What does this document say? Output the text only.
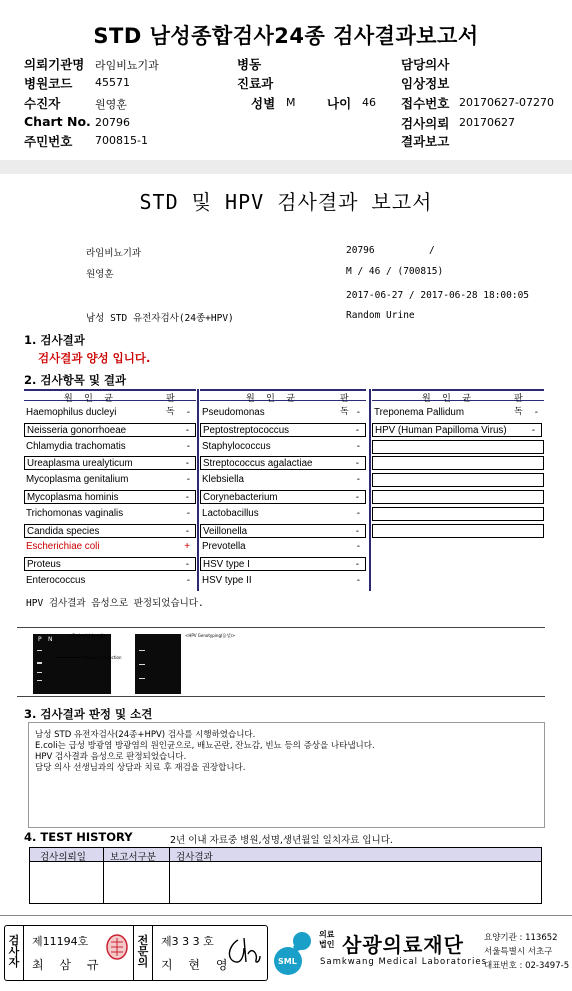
STD 남성종합검사24종 검사결과보고서
의뢰기관명 라임비뇨기과	병동	담당의사
병원코드 45571	진료과	임상정보
수진자	원영훈	성별 M	나이 46 접수번호 20170627-07270
Chart No. 20796	검사의뢰 20170627
주민번호 700815-1	결과보고
STD 및 HPV 검사결과 보고서
라임비뇨기과	20796	/
원영훈	M / 46 / (700815)
2017-06-27 / 2017-06-28 18:00:05
남성 STD 유전자검사(24종+HPV)	Random Urine
1. 검사결과
검사결과 양성 입니다.
2. 검사항목 및 결과
원 인 균	판 독
원 인 균	판 독
원 인 균	판 독
Haemophilus ducleyi	-
Neisseria gonorrhoeae	-
Chlamydia trachomatis	-
Ureaplasma urealyticum	-
Mycoplasma genitalium	-
Mycoplasma hominis	-
Trichomonas vaginalis	-
Candida species	-
Escherichiae coli	+
Proteus	-
Enterococcus	-
Pseudomonas	-
Peptostreptococcus	-
Staphylococcus	-
Streptococcus agalactiae	-
Klebsiella	-
Corynebacterium	-
Lactobacillus	-
Veillonella	-
Prevotella	-
HSV type I	-
HSV type II	-
Treponema Pallidum	-
HPV (Human Papilloma Virus)	-
HPV 검사결과 음성으로 판정되었습니다.
P N
<Escherichia coli>
436bp E.C. infection
<HPV Genotyping(음성)>
3. 검사결과 판정 및 소견
남성 STD 유전자검사(24종+HPV) 검사를 시행하였습니다.
E.coli는 급성 방광염 방광염의 원인균으로, 배뇨곤란, 잔뇨감, 빈뇨 등의 증상을 나타냅니다.
HPV 검사결과 음성으로 판정되었습니다.
담당 의사 선생님과의 상담과 치료 후 재검을 권장합니다.
4. TEST HISTORY	2년 이내 자료중 병원,성명,생년월일 일치자료 입니다.
검사의뢰일	보고서구분 검사결과
검
사
자
제11194호
최 삼 규
전
문
의
제3 3 3 호
지 현 영	SML
의료
법인 삼광의료재단
Samkwang Medical Laboratories
요양기관 : 113652
서울특별시 서초구
대표번호 : 02-3497-5
